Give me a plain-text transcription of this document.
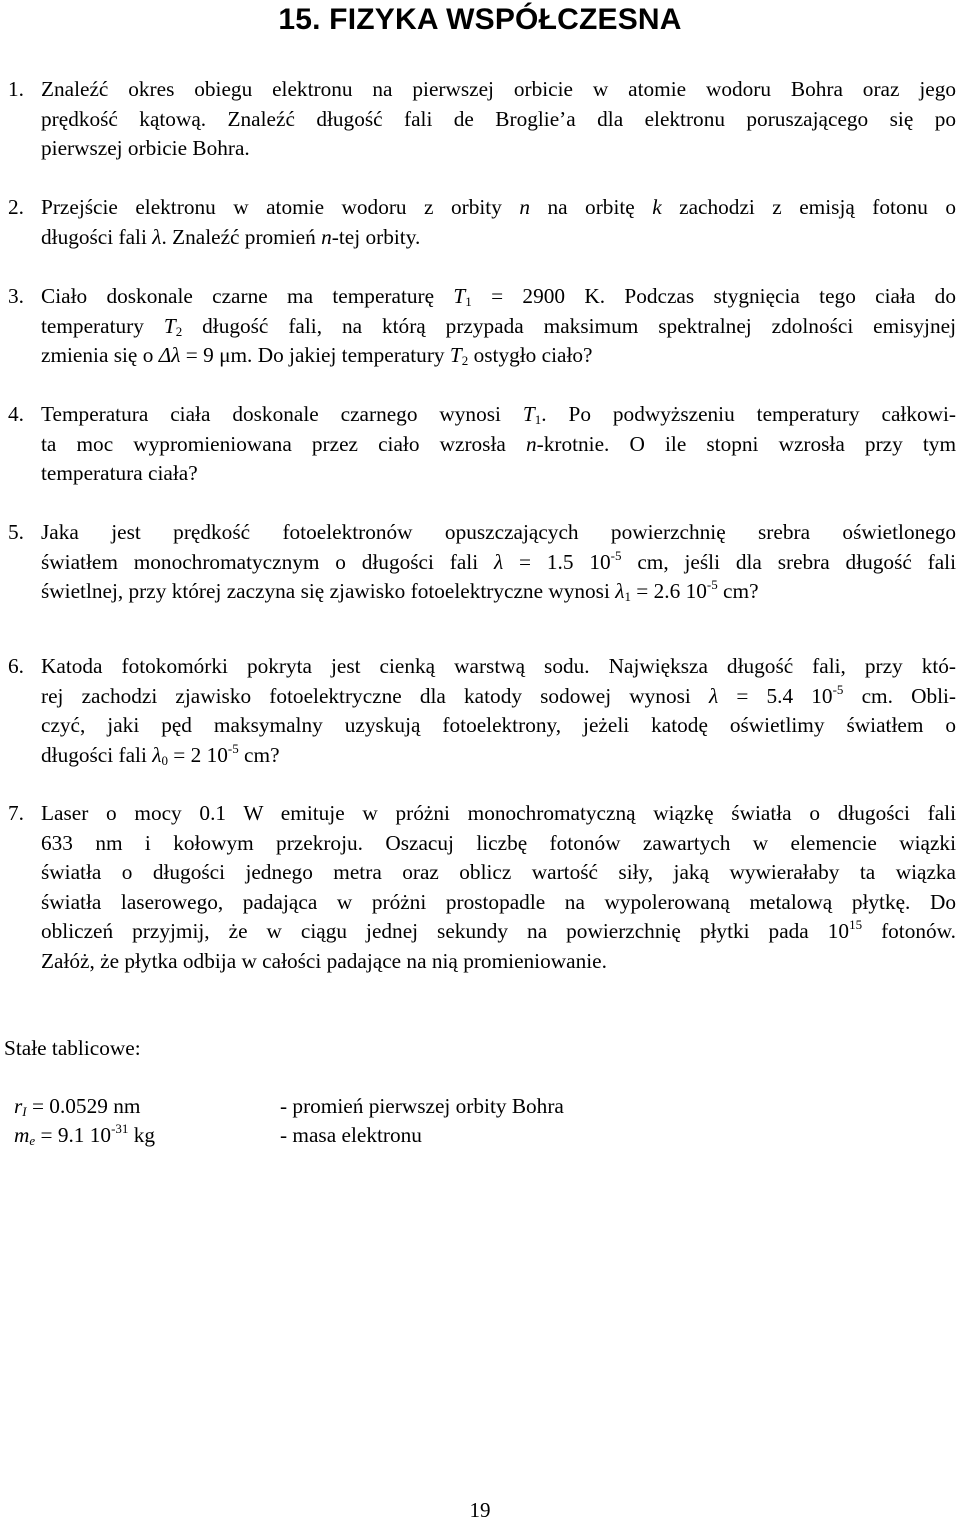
15. FIZYKA WSPÓŁCZESNA
1. Znaleźć okres obiegu elektronu na pierwszej orbicie w atomie wodoru Bohra oraz jego
prędkość kątową. Znaleźć długość fali de Broglie’a dla elektronu poruszającego się po
pierwszej orbicie Bohra.
2. Przejście elektronu w atomie wodoru z orbity n na orbitę k zachodzi z emisją fotonu o
długości fali λ. Znaleźć promień n-tej orbity.
3. Ciało doskonale czarne ma temperaturę $T_1 = 2900$ K. Podczas stygnięcia tego ciała do
temperatury $T_2$ długość fali, na którą przypada maksimum spektralnej zdolności emisyjnej
zmienia się o Δλ = 9 μm. Do jakiej temperatury $T_2$ ostygło ciało?
4. Temperatura ciała doskonale czarnego wynosi $T_1$. Po podwyższeniu temperatury całkowi-
ta moc wypromieniowana przez ciało wzrosła n-krotnie. O ile stopni wzrosła przy tym
temperatura ciała?
5. Jaka jest prędkość fotoelektronów opuszczających powierzchnię srebra oświetlonego
światłem monochromatycznym o długości fali λ = 1.5 $10^{-5}$ cm, jeśli dla srebra długość fali
świetlnej, przy której zaczyna się zjawisko fotoelektryczne wynosi $\lambda_1 = 2.6$ $10^{-5}$ cm?
6. Katoda fotokomórki pokryta jest cienką warstwą sodu. Największa długość fali, przy któ-
rej zachodzi zjawisko fotoelektryczne dla katody sodowej wynosi λ = 5.4 $10^{-5}$ cm. Obli-
czyć, jaki pęd maksymalny uzyskują fotoelektrony, jeżeli katodę oświetlimy światłem o
długości fali $\lambda_0 = 2$ $10^{-5}$ cm?
7. Laser o mocy 0.1 W emituje w próżni monochromatyczną wiązkę światła o długości fali
633 nm i kołowym przekroju. Oszacuj liczbę fotonów zawartych w elemencie wiązki
światła o długości jednego metra oraz oblicz wartość siły, jaką wywierałaby ta wiązka
światła laserowego, padająca w próżni prostopadle na wypolerowaną metalową płytkę. Do
obliczeń przyjmij, że w ciągu jednej sekundy na powierzchnię płytki pada $10^{15}$ fotonów.
Załóż, że płytka odbija w całości padające na nią promieniowanie.
Stałe tablicowe:
$r_I = 0.0529$ nm	- promień pierwszej orbity Bohra
$m_e = 9.1$ $10^{-31}$ kg	- masa elektronu
19
